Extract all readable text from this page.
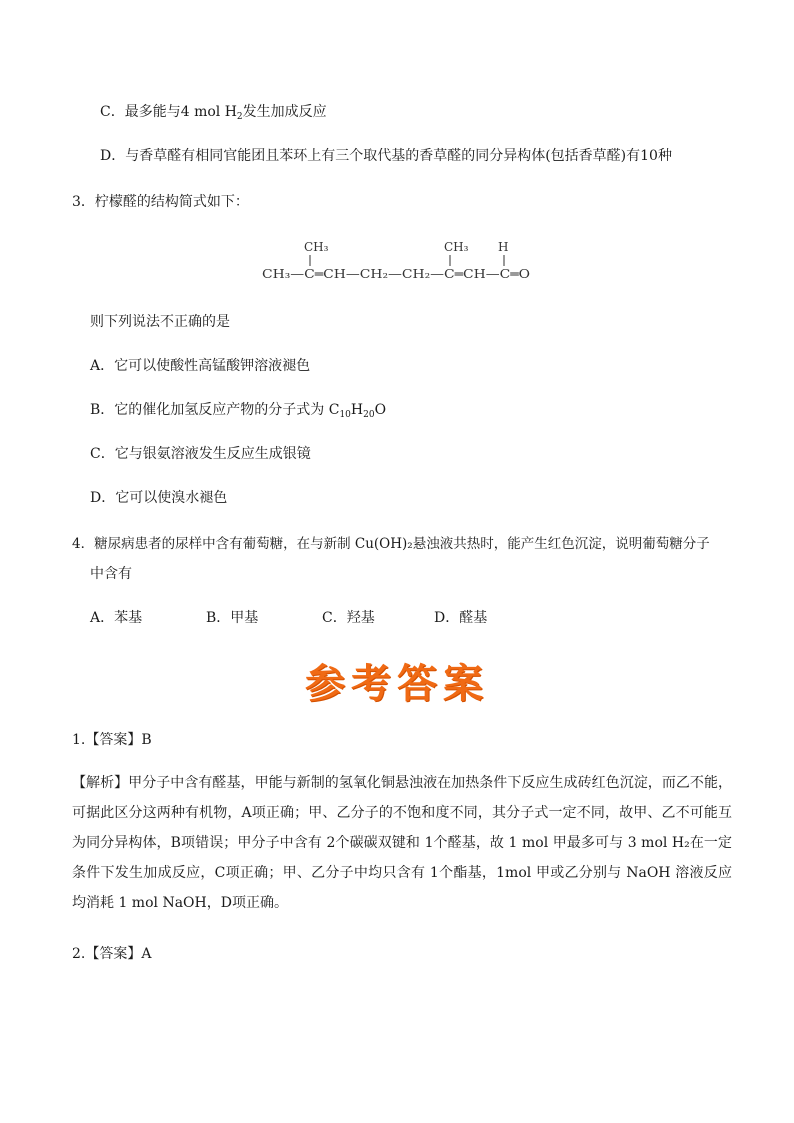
C．最多能与4 mol $H_2$发生加成反应
D．与香草醛有相同官能团且苯环上有三个取代基的香草醛的同分异构体(包括香草醛)有10种
3．柠檬醛的结构简式如下：
CH₃	CH₃ H
CH₃—C═CH—CH₂—CH₂—C═CH—C═O
则下列说法不正确的是
A．它可以使酸性高锰酸钾溶液褪色
B．它的催化加氢反应产物的分子式为 $C_{10}H_{20}O$
C．它与银氨溶液发生反应生成银镜
D．它可以使溴水褪色
4．糖尿病患者的尿样中含有葡萄糖，在与新制 Cu(OH)₂悬浊液共热时，能产生红色沉淀，说明葡萄糖分子
中含有
A．苯基	B．甲基	C．羟基	D．醛基
参考答案
1.【答案】B
【解析】甲分子中含有醛基，甲能与新制的氢氧化铜悬浊液在加热条件下反应生成砖红色沉淀，而乙不能，可据此区分这两种有机物，A项正确；甲、乙分子的不饱和度不同，其分子式一定不同，故甲、乙不可能互为同分异构体，B项错误；甲分子中含有 2个碳碳双键和 1个醛基，故 1 mol 甲最多可与 3 mol H₂在一定条件下发生加成反应，C项正确；甲、乙分子中均只含有 1个酯基，1mol 甲或乙分别与 NaOH 溶液反应均消耗 1 mol NaOH，D项正确。
2.【答案】A
